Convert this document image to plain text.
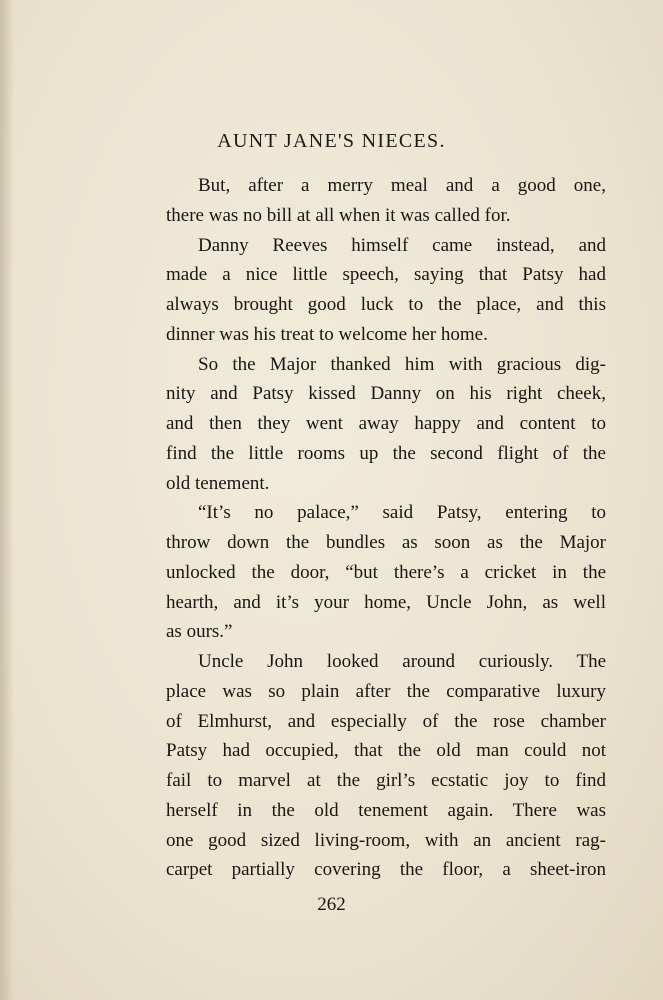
AUNT JANE'S NIECES.
But, after a merry meal and a good one,
there was no bill at all when it was called for.
Danny Reeves himself came instead, and
made a nice little speech, saying that Patsy had
always brought good luck to the place, and this
dinner was his treat to welcome her home.
So the Major thanked him with gracious dig-
nity and Patsy kissed Danny on his right cheek,
and then they went away happy and content to
find the little rooms up the second flight of the
old tenement.
“It’s no palace,” said Patsy, entering to
throw down the bundles as soon as the Major
unlocked the door, “but there’s a cricket in the
hearth, and it’s your home, Uncle John, as well
as ours.”
Uncle John looked around curiously. The
place was so plain after the comparative luxury
of Elmhurst, and especially of the rose chamber
Patsy had occupied, that the old man could not
fail to marvel at the girl’s ecstatic joy to find
herself in the old tenement again. There was
one good sized living-room, with an ancient rag-
carpet partially covering the floor, a sheet-iron

262
